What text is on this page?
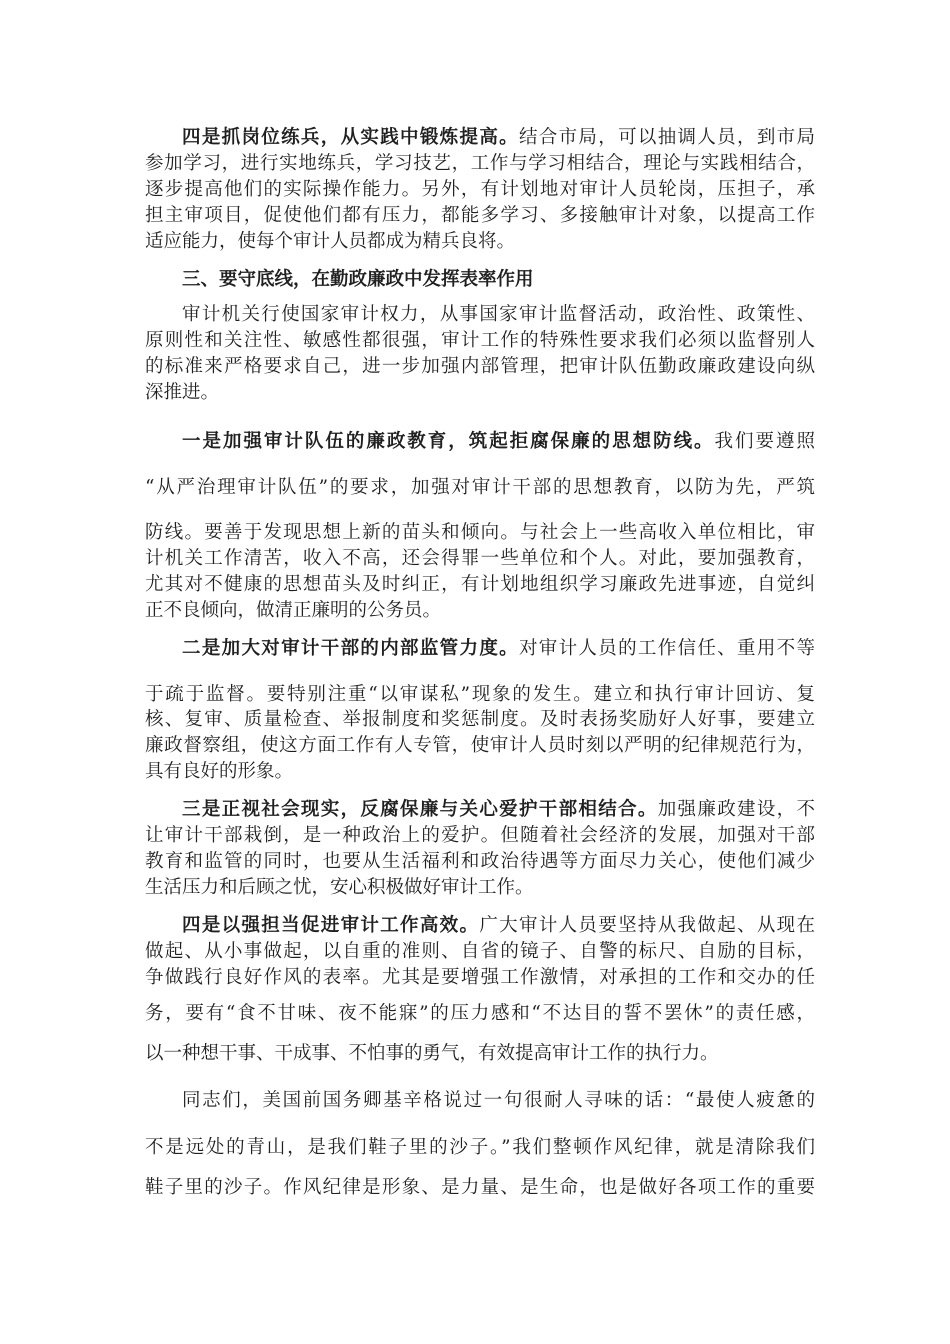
四是抓岗位练兵，从实践中锻炼提高。结合市局，可以抽调人员，到市局
参加学习，进行实地练兵，学习技艺，工作与学习相结合，理论与实践相结合，
逐步提高他们的实际操作能力。另外，有计划地对审计人员轮岗，压担子，承
担主审项目，促使他们都有压力，都能多学习、多接触审计对象，以提高工作
适应能力，使每个审计人员都成为精兵良将。
三、要守底线，在勤政廉政中发挥表率作用
审计机关行使国家审计权力，从事国家审计监督活动，政治性、政策性、
原则性和关注性、敏感性都很强，审计工作的特殊性要求我们必须以监督别人
的标准来严格要求自己，进一步加强内部管理，把审计队伍勤政廉政建设向纵
深推进。
一是加强审计队伍的廉政教育，筑起拒腐保廉的思想防线。我们要遵照
“从严治理审计队伍”的要求，加强对审计干部的思想教育，以防为先，严筑
防线。要善于发现思想上新的苗头和倾向。与社会上一些高收入单位相比，审
计机关工作清苦，收入不高，还会得罪一些单位和个人。对此，要加强教育，
尤其对不健康的思想苗头及时纠正，有计划地组织学习廉政先进事迹，自觉纠
正不良倾向，做清正廉明的公务员。
二是加大对审计干部的内部监管力度。对审计人员的工作信任、重用不等
于疏于监督。要特别注重“以审谋私”现象的发生。建立和执行审计回访、复
核、复审、质量检查、举报制度和奖惩制度。及时表扬奖励好人好事，要建立
廉政督察组，使这方面工作有人专管，使审计人员时刻以严明的纪律规范行为，
具有良好的形象。
三是正视社会现实，反腐保廉与关心爱护干部相结合。加强廉政建设，不
让审计干部栽倒，是一种政治上的爱护。但随着社会经济的发展，加强对干部
教育和监管的同时，也要从生活福利和政治待遇等方面尽力关心，使他们减少
生活压力和后顾之忧，安心积极做好审计工作。
四是以强担当促进审计工作高效。广大审计人员要坚持从我做起、从现在
做起、从小事做起，以自重的准则、自省的镜子、自警的标尺、自励的目标，
争做践行良好作风的表率。尤其是要增强工作激情，对承担的工作和交办的任
务，要有“食不甘味、夜不能寐”的压力感和“不达目的誓不罢休”的责任感，
以一种想干事、干成事、不怕事的勇气，有效提高审计工作的执行力。
同志们，美国前国务卿基辛格说过一句很耐人寻味的话：“最使人疲惫的
不是远处的青山，是我们鞋子里的沙子。”我们整顿作风纪律，就是清除我们
鞋子里的沙子。作风纪律是形象、是力量、是生命，也是做好各项工作的重要
